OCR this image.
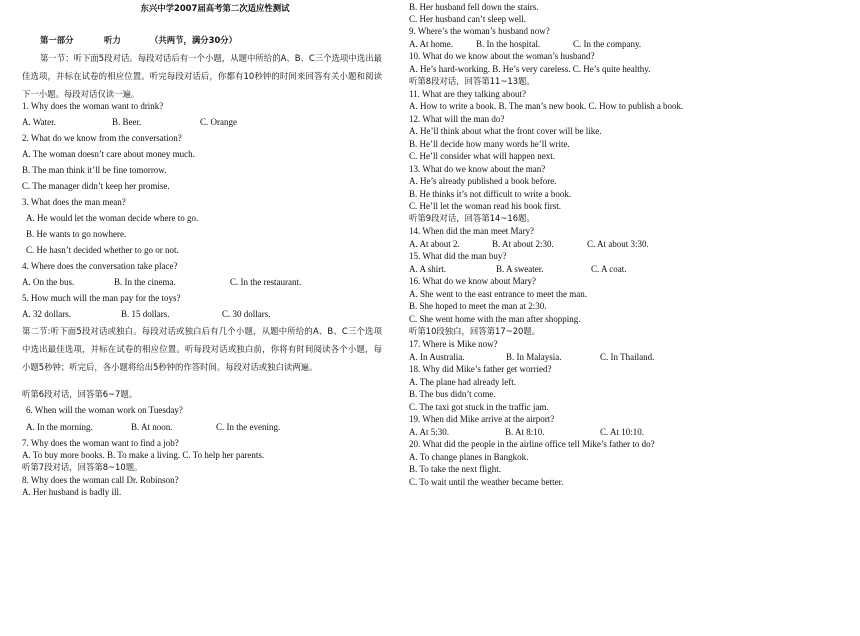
东兴中学2007届高考第二次适应性测试
第一部分	听力	（共两节，满分30分）
第一节：听下面5段对话。每段对话后有一个小题，从题中所给的A、B、C三个选项中选出最佳选项，并标在试卷的相应位置。听完每段对话后，你都有10秒钟的时间来回答有关小题和阅读下一小题。每段对话仅读一遍。
1. Why does the woman want to drink?
A. Water.	B. Beer.	C. Orange
2. What do we know from the conversation?
A. The woman doesn’t care about money much.
B. The man think it’ll be fine tomorrow.
C. The manager didn’t keep her promise.
3. What does the man mean?
A. He would let the woman decide where to go.
B. He wants to go nowhere.
C. He hasn’t decided whether to go or not.
4. Where does the conversation take place?
A. On the bus.	B. In the cinema.	C. In the restaurant.
5. How much will the man pay for the toys?
A. 32 dollars.	B. 15 dollars.	C. 30 dollars.
第二节:听下面5段对话或独白。每段对话或独白后有几个小题，从题中所给的A、B、C三个选项中选出最佳选项，并标在试卷的相应位置。听每段对话或独白前，你将有时间阅读各个小题，每小题5秒钟；听完后，各小题将给出5秒钟的作答时间。每段对话或独白读两遍。
听第6段对话，回答第6~7题。
6. When will the woman work on Tuesday?
A. In the morning.	B. At noon.	C. In the evening.
7. Why does the woman want to find a job?
A. To buy more books. B. To make a living. C. To help her parents.
听第7段对话，回答第8~10题。
8. Why does the woman call Dr. Robinson?
A. Her husband is badly ill.
B. Her husband fell down the stairs.
C. Her husband can’t sleep well.
9. Where’s the woman’s husband now?
A. At home.	B. In the hospital.	C. In the company.
10. What do we know about the woman’s husband?
A. He’s hard-working. B. He’s very careless. C. He’s quite healthy.
听第8段对话，回答第11~13题。
11. What are they talking about?
A. How to write a book. B. The man’s new book. C. How to publish a book.
12. What will the man do?
A. He’ll think about what the front cover will be like.
B. He’ll decide how many words he’ll write.
C. He’ll consider what will happen next.
13. What do we know about the man?
A. He’s already published a book before.
B. He thinks it’s not difficult to write a book.
C. He’ll let the woman read his book first.
听第9段对话，回答第14~16题。
14. When did the man meet Mary?
A. At about 2.	B. At about 2:30.	C. At about 3:30.
15. What did the man buy?
A. A shirt.	B. A sweater.	C. A coat.
16. What do we know about Mary?
A. She went to the east entrance to meet the man.
B. She hoped to meet the man at 2:30.
C. She went home with the man after shopping.
听第10段独白，回答第17~20题。
17. Where is Mike now?
A. In Australia.	B. In Malaysia.	C. In Thailand.
18. Why did Mike’s father get worried?
A. The plane had already left.
B. The bus didn’t come.
C. The taxi got stuck in the traffic jam.
19. When did Mike arrive at the airport?
A. At 5:30.	B. At 8:10.	C. At 10:10.
20. What did the people in the airline office tell Mike’s father to do?
A. To change planes in Bangkok.
B. To take the next flight.
C. To wait until the weather became better.
